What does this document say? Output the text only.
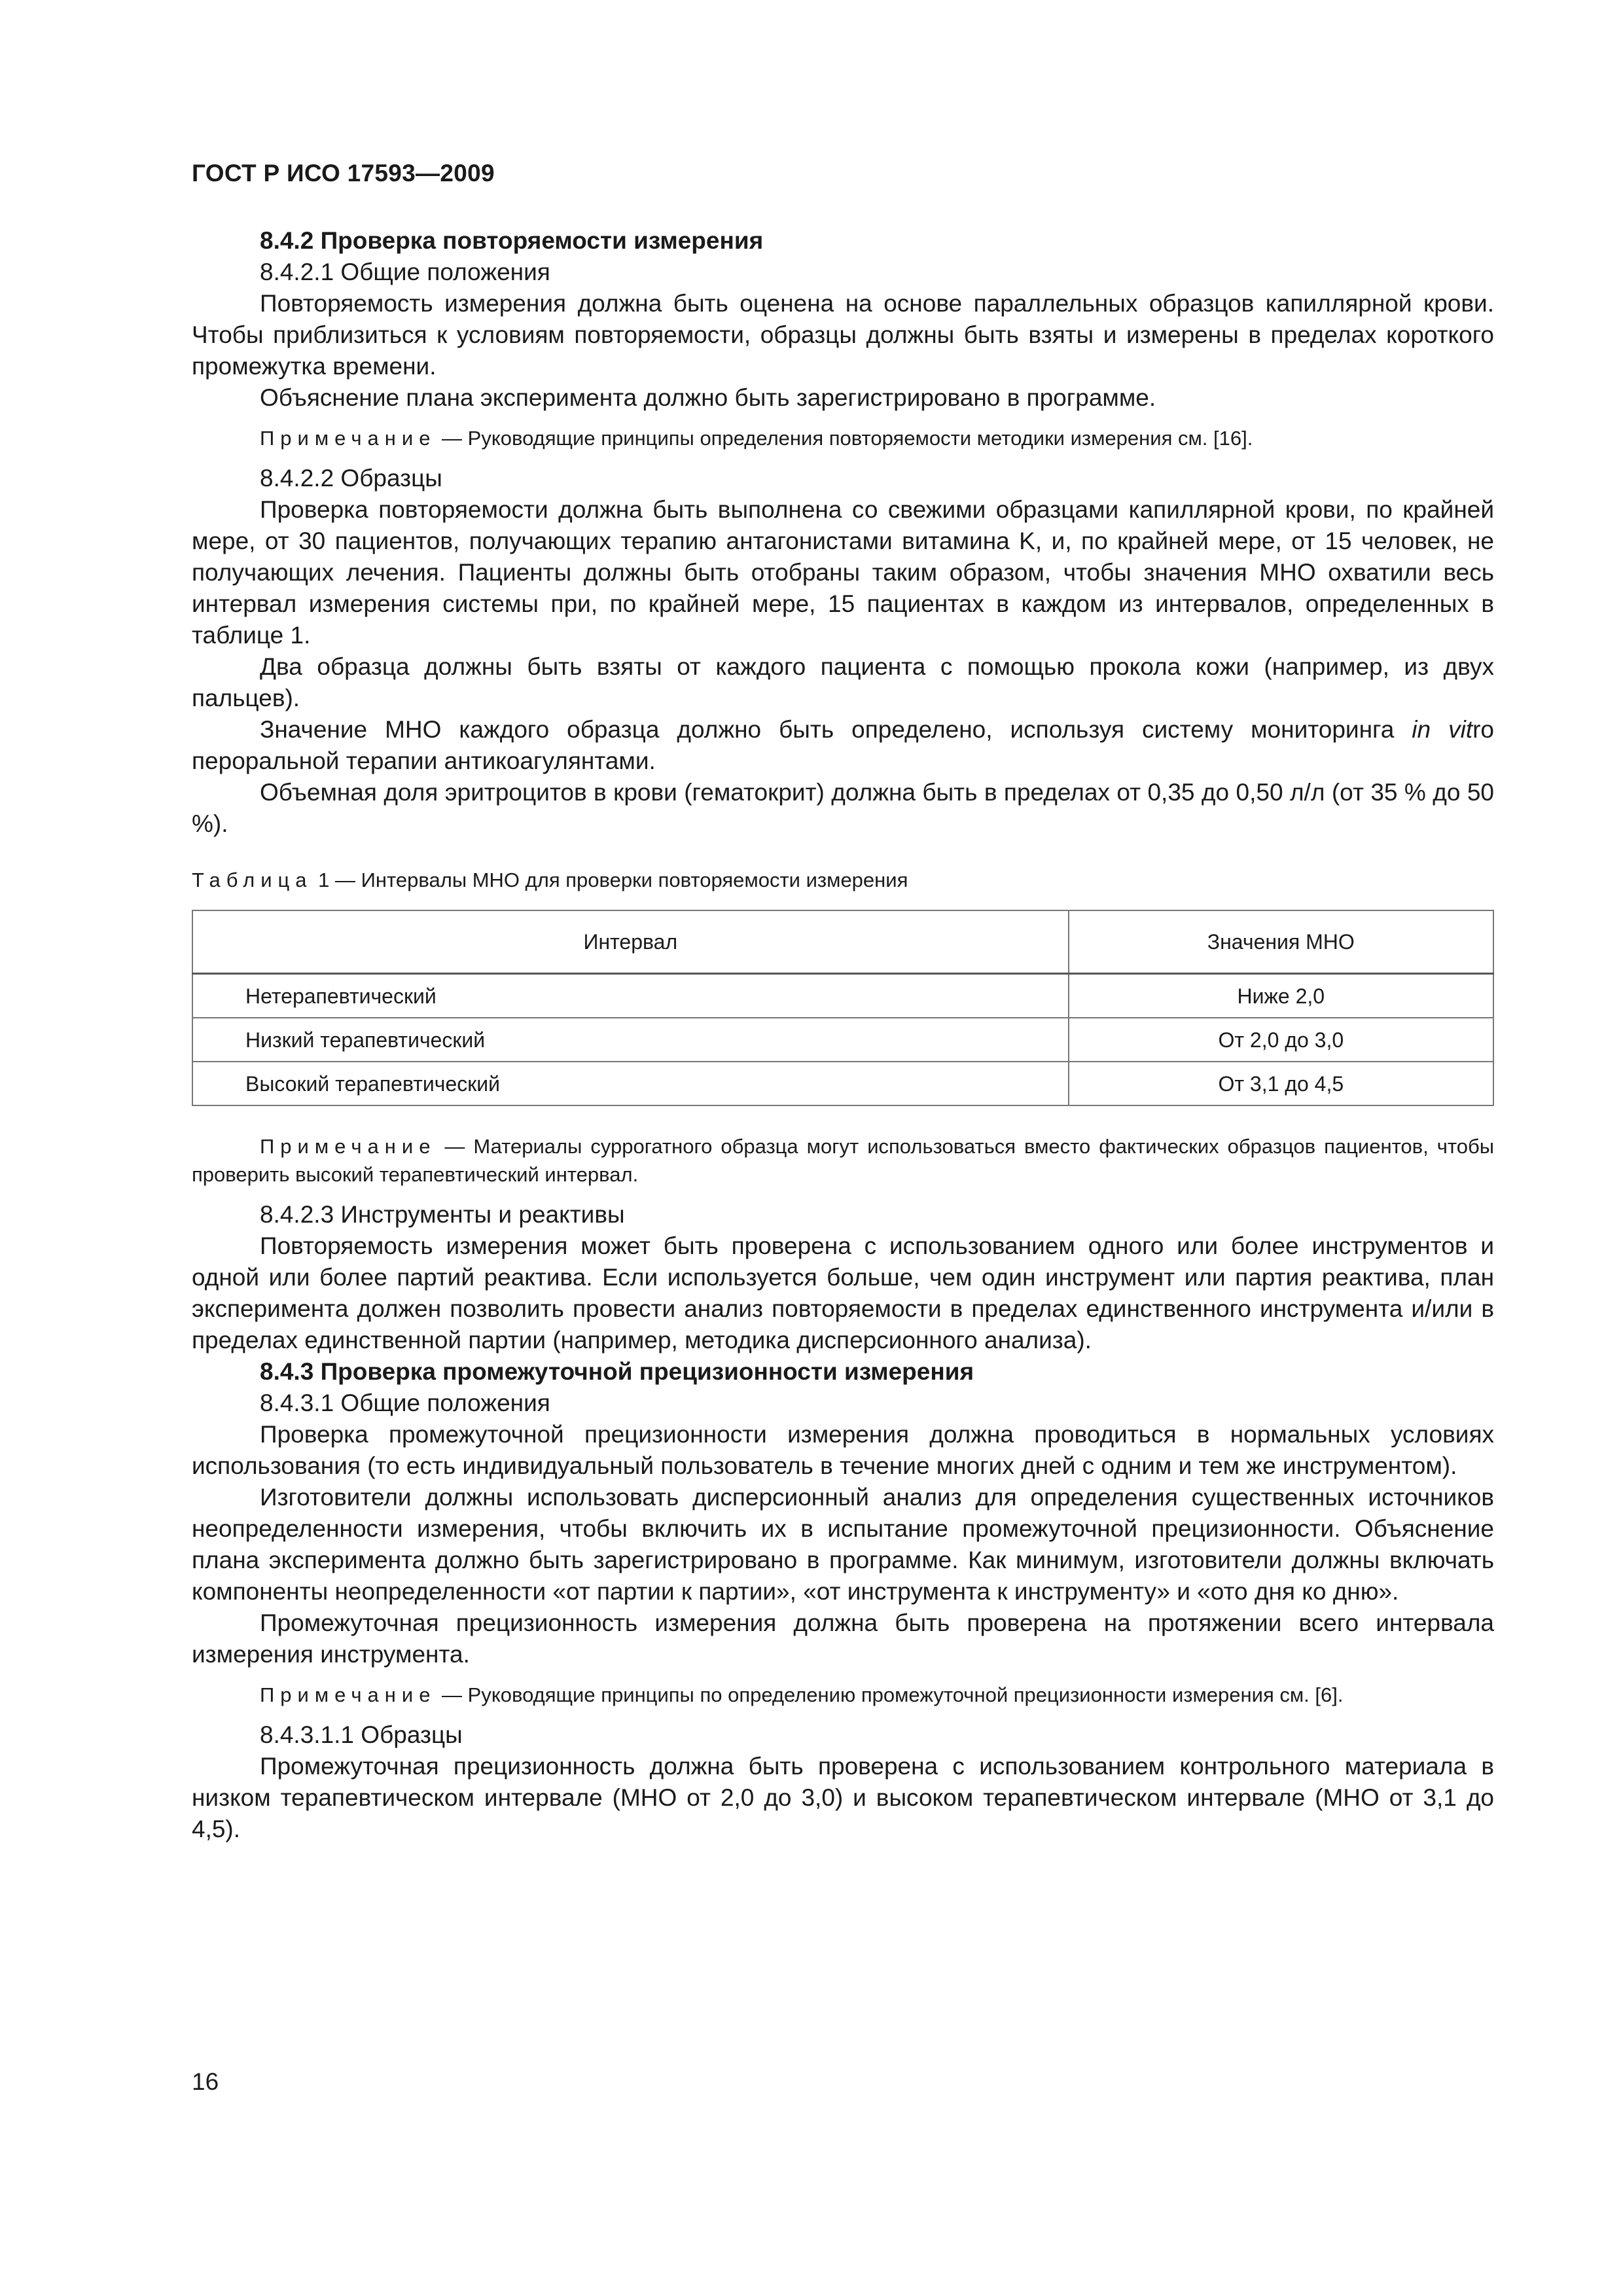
ГОСТ Р ИСО 17593—2009

8.4.2 Проверка повторяемости измерения

8.4.2.1 Общие положения

Повторяемость измерения должна быть оценена на основе параллельных образцов капиллярной крови. Чтобы приблизиться к условиям повторяемости, образцы должны быть взяты и измерены в пределах короткого промежутка времени.

Объяснение плана эксперимента должно быть зарегистрировано в программе.

Примечание — Руководящие принципы определения повторяемости методики измерения см. [16].

8.4.2.2 Образцы

Проверка повторяемости должна быть выполнена со свежими образцами капиллярной крови, по крайней мере, от 30 пациентов, получающих терапию антагонистами витамина K, и, по крайней мере, от 15 человек, не получающих лечения. Пациенты должны быть отобраны таким образом, чтобы значения МНО охватили весь интервал измерения системы при, по крайней мере, 15 пациентах в каждом из интервалов, определенных в таблице 1.

Два образца должны быть взяты от каждого пациента с помощью прокола кожи (например, из двух пальцев).

Значение МНО каждого образца должно быть определено, используя систему мониторинга in vitro пероральной терапии антикоагулянтами.

Объемная доля эритроцитов в крови (гематокрит) должна быть в пределах от 0,35 до 0,50 л/л (от 35 % до 50 %).

Таблица 1 — Интервалы МНО для проверки повторяемости измерения

Интервал	Значения МНО
Нетерапевтический	Ниже 2,0
Низкий терапевтический	От 2,0 до 3,0
Высокий терапевтический	От 3,1 до 4,5

Примечание — Материалы суррогатного образца могут использоваться вместо фактических образцов пациентов, чтобы проверить высокий терапевтический интервал.

8.4.2.3 Инструменты и реактивы

Повторяемость измерения может быть проверена с использованием одного или более инструментов и одной или более партий реактива. Если используется больше, чем один инструмент или партия реактива, план эксперимента должен позволить провести анализ повторяемости в пределах единственного инструмента и/или в пределах единственной партии (например, методика дисперсионного анализа).

8.4.3 Проверка промежуточной прецизионности измерения

8.4.3.1 Общие положения

Проверка промежуточной прецизионности измерения должна проводиться в нормальных условиях использования (то есть индивидуальный пользователь в течение многих дней с одним и тем же инструментом).

Изготовители должны использовать дисперсионный анализ для определения существенных источников неопределенности измерения, чтобы включить их в испытание промежуточной прецизионности. Объяснение плана эксперимента должно быть зарегистрировано в программе. Как минимум, изготовители должны включать компоненты неопределенности «от партии к партии», «от инструмента к инструменту» и «ото дня ко дню».

Промежуточная прецизионность измерения должна быть проверена на протяжении всего интервала измерения инструмента.

Примечание — Руководящие принципы по определению промежуточной прецизионности измерения см. [6].

8.4.3.1.1 Образцы

Промежуточная прецизионность должна быть проверена с использованием контрольного материала в низком терапевтическом интервале (МНО от 2,0 до 3,0) и высоком терапевтическом интервале (МНО от 3,1 до 4,5).

16
